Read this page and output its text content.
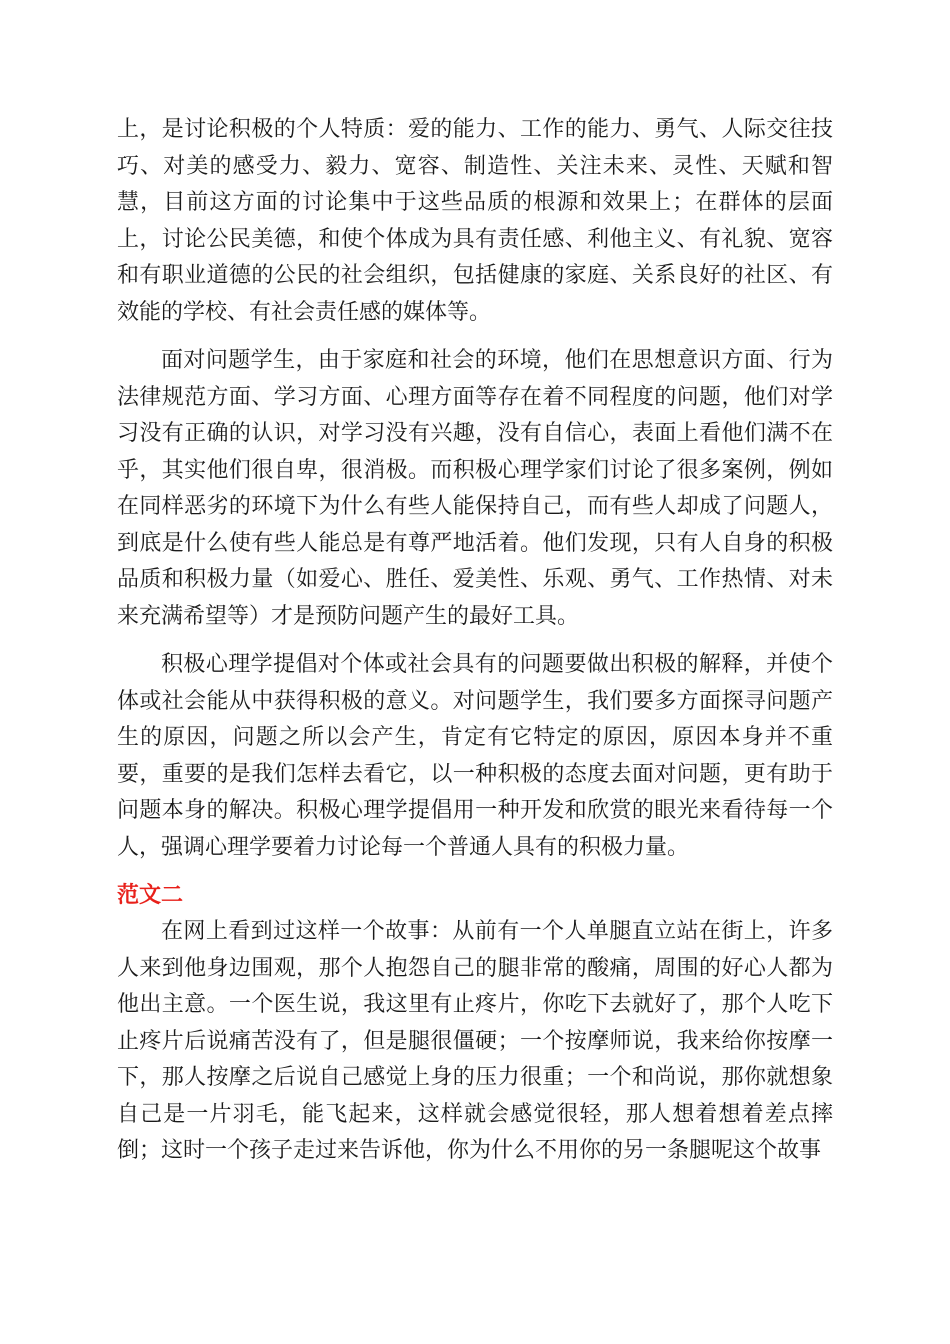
上，是讨论积极的个人特质：爱的能力、工作的能力、勇气、人际交往技巧、对美的感受力、毅力、宽容、制造性、关注未来、灵性、天赋和智慧，目前这方面的讨论集中于这些品质的根源和效果上；在群体的层面上，讨论公民美德，和使个体成为具有责任感、利他主义、有礼貌、宽容和有职业道德的公民的社会组织，包括健康的家庭、关系良好的社区、有效能的学校、有社会责任感的媒体等。

面对问题学生，由于家庭和社会的环境，他们在思想意识方面、行为法律规范方面、学习方面、心理方面等存在着不同程度的问题，他们对学习没有正确的认识，对学习没有兴趣，没有自信心，表面上看他们满不在乎，其实他们很自卑，很消极。而积极心理学家们讨论了很多案例，例如在同样恶劣的环境下为什么有些人能保持自己，而有些人却成了问题人，到底是什么使有些人能总是有尊严地活着。他们发现，只有人自身的积极品质和积极力量（如爱心、胜任、爱美性、乐观、勇气、工作热情、对未来充满希望等）才是预防问题产生的最好工具。

积极心理学提倡对个体或社会具有的问题要做出积极的解释，并使个体或社会能从中获得积极的意义。对问题学生，我们要多方面探寻问题产生的原因，问题之所以会产生，肯定有它特定的原因，原因本身并不重要，重要的是我们怎样去看它，以一种积极的态度去面对问题，更有助于问题本身的解决。积极心理学提倡用一种开发和欣赏的眼光来看待每一个人，强调心理学要着力讨论每一个普通人具有的积极力量。

范文二

在网上看到过这样一个故事：从前有一个人单腿直立站在街上，许多人来到他身边围观，那个人抱怨自己的腿非常的酸痛，周围的好心人都为他出主意。一个医生说，我这里有止疼片，你吃下去就好了，那个人吃下止疼片后说痛苦没有了，但是腿很僵硬；一个按摩师说，我来给你按摩一下，那人按摩之后说自己感觉上身的压力很重；一个和尚说，那你就想象自己是一片羽毛，能飞起来，这样就会感觉很轻，那人想着想着差点摔倒；这时一个孩子走过来告诉他，你为什么不用你的另一条腿呢这个故事
